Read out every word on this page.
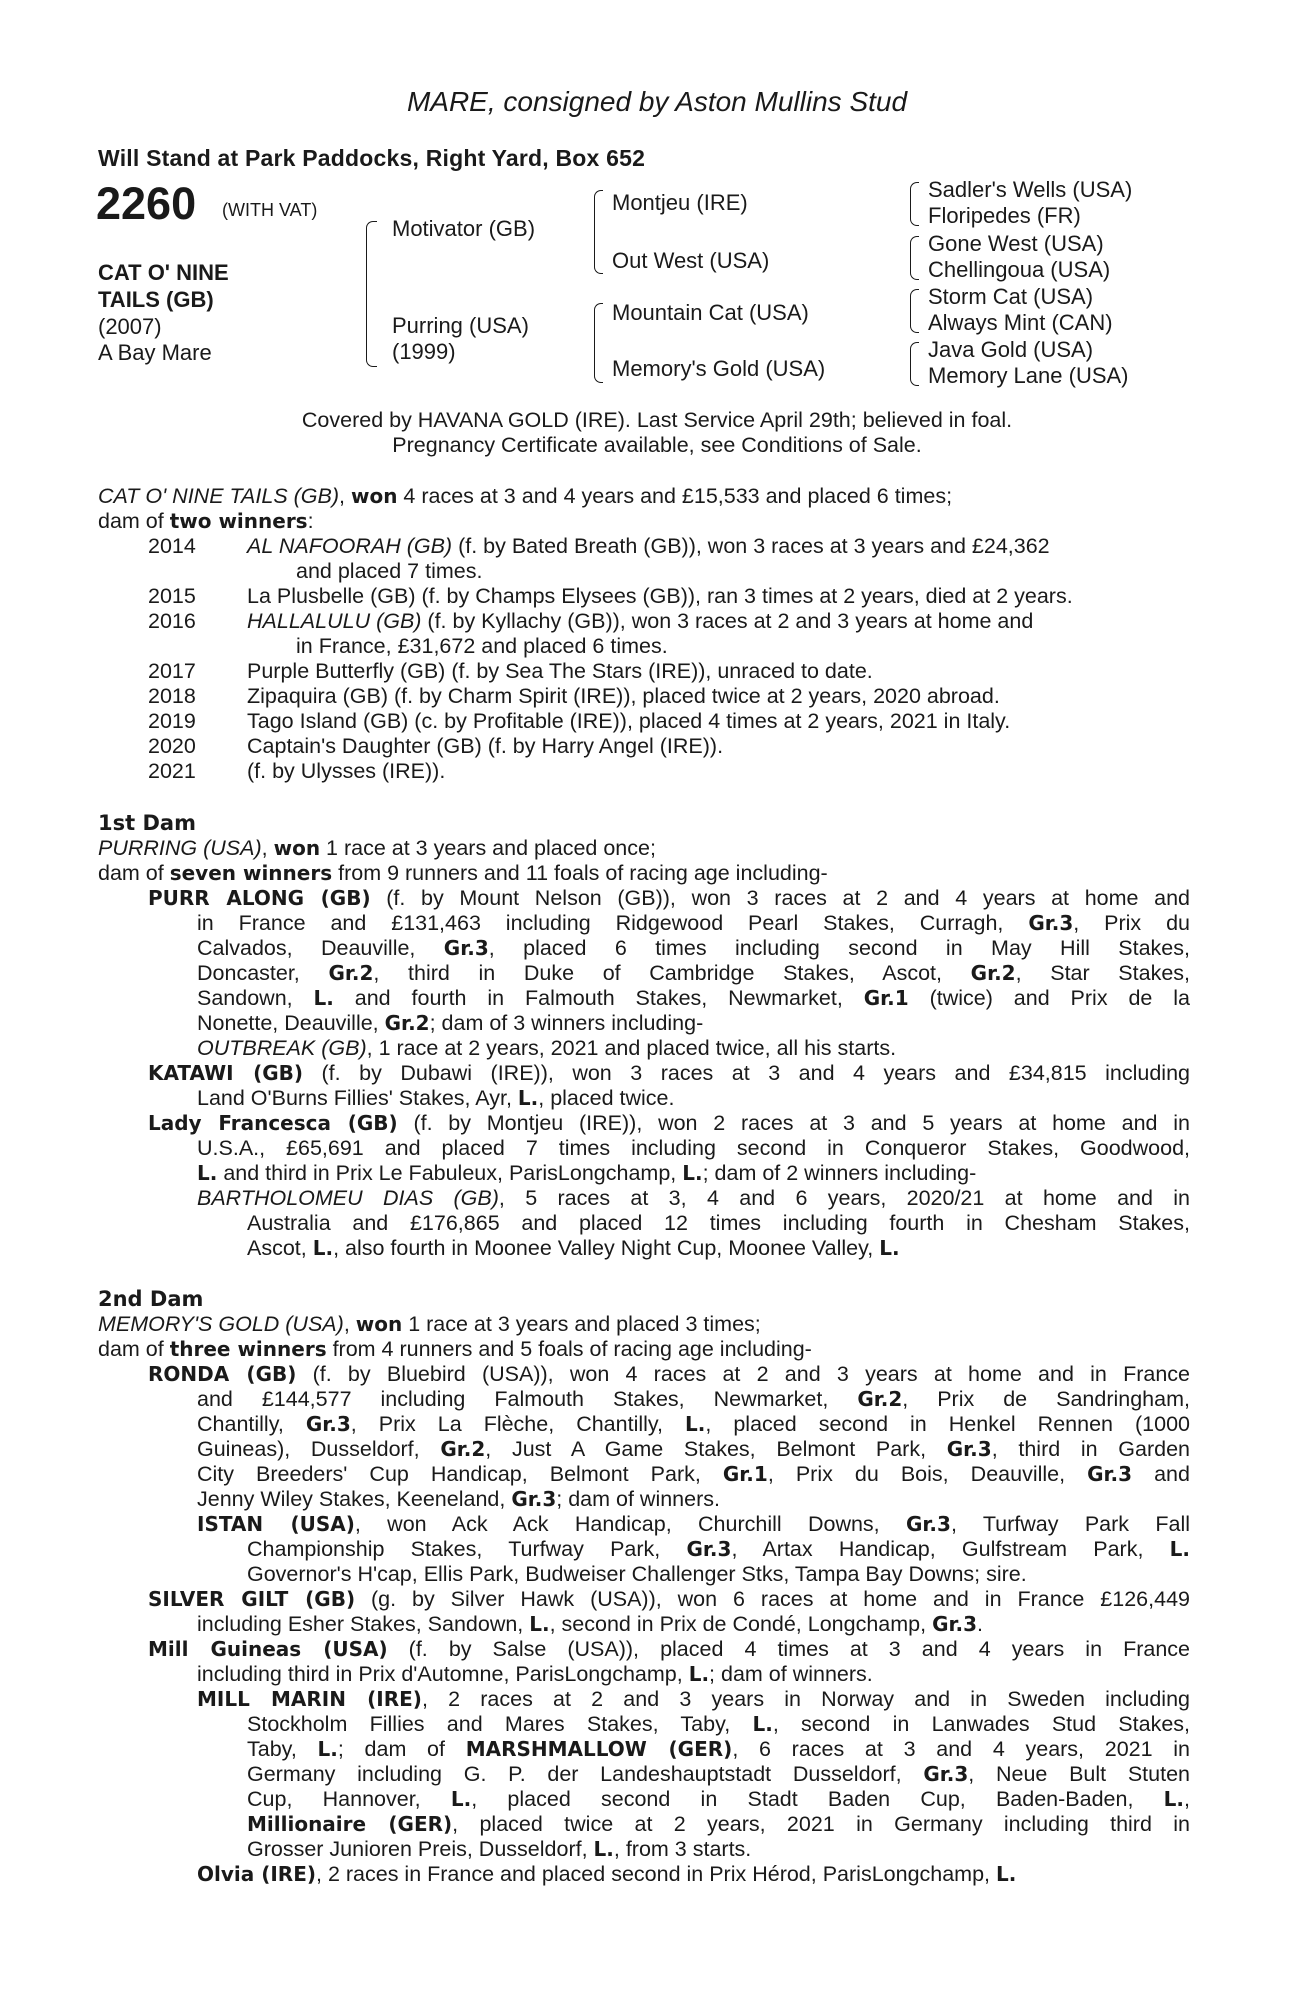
MARE, consigned by Aston Mullins Stud
Will Stand at Park Paddocks, Right Yard, Box 652
2260 (WITH VAT)
CAT O' NINE
TAILS (GB)
(2007)
A Bay Mare
Motivator (GB)
Purring (USA)
(1999)
Montjeu (IRE)
Out West (USA)
Mountain Cat (USA)
Memory's Gold (USA)
Sadler's Wells (USA)
Floripedes (FR)
Gone West (USA)
Chellingoua (USA)
Storm Cat (USA)
Always Mint (CAN)
Java Gold (USA)
Memory Lane (USA)
Covered by HAVANA GOLD (IRE). Last Service April 29th; believed in foal.
Pregnancy Certificate available, see Conditions of Sale.
CAT O' NINE TAILS (GB), won 4 races at 3 and 4 years and £15,533 and placed 6 times;
dam of two winners:
2014 AL NAFOORAH (GB) (f. by Bated Breath (GB)), won 3 races at 3 years and £24,362
and placed 7 times.
2015 La Plusbelle (GB) (f. by Champs Elysees (GB)), ran 3 times at 2 years, died at 2 years.
2016 HALLALULU (GB) (f. by Kyllachy (GB)), won 3 races at 2 and 3 years at home and
in France, £31,672 and placed 6 times.
2017 Purple Butterfly (GB) (f. by Sea The Stars (IRE)), unraced to date.
2018 Zipaquira (GB) (f. by Charm Spirit (IRE)), placed twice at 2 years, 2020 abroad.
2019 Tago Island (GB) (c. by Profitable (IRE)), placed 4 times at 2 years, 2021 in Italy.
2020 Captain's Daughter (GB) (f. by Harry Angel (IRE)).
2021 (f. by Ulysses (IRE)).
1st Dam
PURRING (USA), won 1 race at 3 years and placed once;
dam of seven winners from 9 runners and 11 foals of racing age including-
PURR ALONG (GB) (f. by Mount Nelson (GB)), won 3 races at 2 and 4 years at home and
in France and £131,463 including Ridgewood Pearl Stakes, Curragh, Gr.3, Prix du
Calvados, Deauville, Gr.3, placed 6 times including second in May Hill Stakes,
Doncaster, Gr.2, third in Duke of Cambridge Stakes, Ascot, Gr.2, Star Stakes,
Sandown, L. and fourth in Falmouth Stakes, Newmarket, Gr.1 (twice) and Prix de la
Nonette, Deauville, Gr.2; dam of 3 winners including-
OUTBREAK (GB), 1 race at 2 years, 2021 and placed twice, all his starts.
KATAWI (GB) (f. by Dubawi (IRE)), won 3 races at 3 and 4 years and £34,815 including
Land O'Burns Fillies' Stakes, Ayr, L., placed twice.
Lady Francesca (GB) (f. by Montjeu (IRE)), won 2 races at 3 and 5 years at home and in
U.S.A., £65,691 and placed 7 times including second in Conqueror Stakes, Goodwood,
L. and third in Prix Le Fabuleux, ParisLongchamp, L.; dam of 2 winners including-
BARTHOLOMEU DIAS (GB), 5 races at 3, 4 and 6 years, 2020/21 at home and in
Australia and £176,865 and placed 12 times including fourth in Chesham Stakes,
Ascot, L., also fourth in Moonee Valley Night Cup, Moonee Valley, L.
2nd Dam
MEMORY'S GOLD (USA), won 1 race at 3 years and placed 3 times;
dam of three winners from 4 runners and 5 foals of racing age including-
RONDA (GB) (f. by Bluebird (USA)), won 4 races at 2 and 3 years at home and in France
and £144,577 including Falmouth Stakes, Newmarket, Gr.2, Prix de Sandringham,
Chantilly, Gr.3, Prix La Flèche, Chantilly, L., placed second in Henkel Rennen (1000
Guineas), Dusseldorf, Gr.2, Just A Game Stakes, Belmont Park, Gr.3, third in Garden
City Breeders' Cup Handicap, Belmont Park, Gr.1, Prix du Bois, Deauville, Gr.3 and
Jenny Wiley Stakes, Keeneland, Gr.3; dam of winners.
ISTAN (USA), won Ack Ack Handicap, Churchill Downs, Gr.3, Turfway Park Fall
Championship Stakes, Turfway Park, Gr.3, Artax Handicap, Gulfstream Park, L.
Governor's H'cap, Ellis Park, Budweiser Challenger Stks, Tampa Bay Downs; sire.
SILVER GILT (GB) (g. by Silver Hawk (USA)), won 6 races at home and in France £126,449
including Esher Stakes, Sandown, L., second in Prix de Condé, Longchamp, Gr.3.
Mill Guineas (USA) (f. by Salse (USA)), placed 4 times at 3 and 4 years in France
including third in Prix d'Automne, ParisLongchamp, L.; dam of winners.
MILL MARIN (IRE), 2 races at 2 and 3 years in Norway and in Sweden including
Stockholm Fillies and Mares Stakes, Taby, L., second in Lanwades Stud Stakes,
Taby, L.; dam of MARSHMALLOW (GER), 6 races at 3 and 4 years, 2021 in
Germany including G. P. der Landeshauptstadt Dusseldorf, Gr.3, Neue Bult Stuten
Cup, Hannover, L., placed second in Stadt Baden Cup, Baden-Baden, L.,
Millionaire (GER), placed twice at 2 years, 2021 in Germany including third in
Grosser Junioren Preis, Dusseldorf, L., from 3 starts.
Olvia (IRE), 2 races in France and placed second in Prix Hérod, ParisLongchamp, L.
